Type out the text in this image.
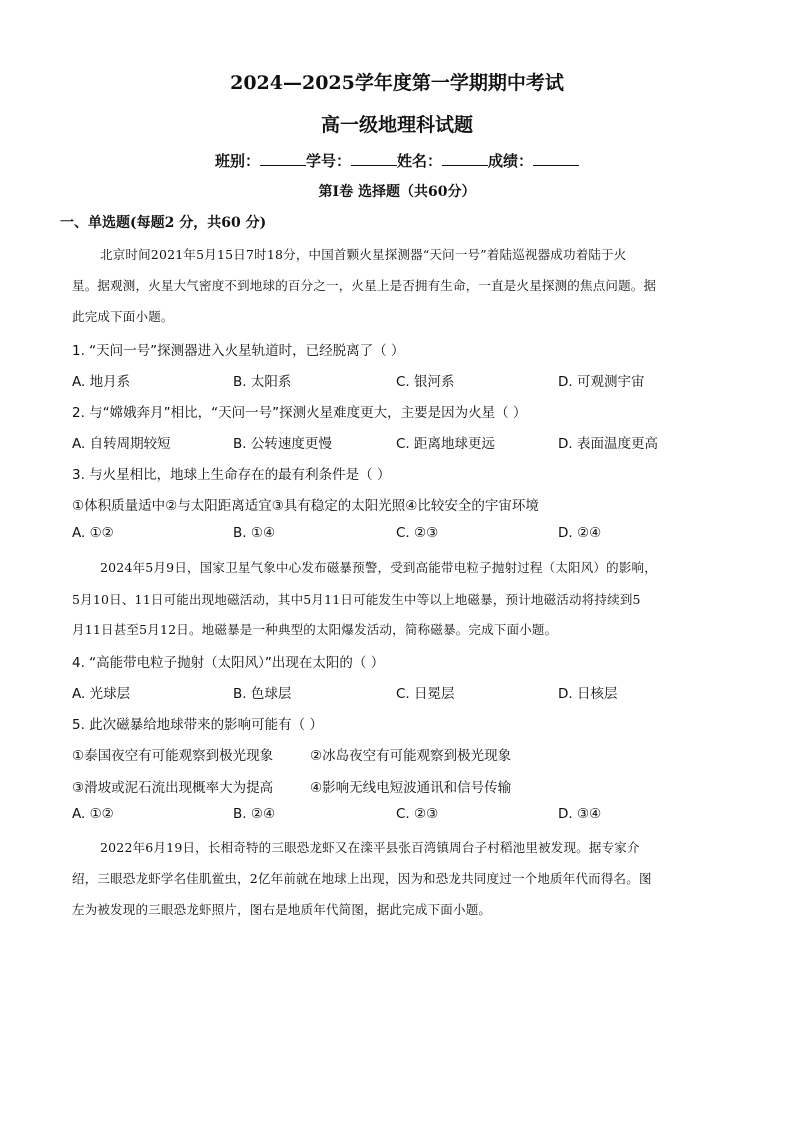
2024—2025学年度第一学期期中考试
高一级地理科试题
班别：	学号：	姓名：	成绩：
第I卷 选择题（共60分）
一、单选题(每题2 分，共60 分)
北京时间2021年5月15日7时18分，中国首颗火星探测器“天问一号”着陆巡视器成功着陆于火
星。据观测，火星大气密度不到地球的百分之一，火星上是否拥有生命，一直是火星探测的焦点问题。据
此完成下面小题。
1. “天问一号”探测器进入火星轨道时，已经脱离了（ ）
A. 地月系	B. 太阳系	C. 银河系	D. 可观测宇宙
2. 与“嫦娥奔月”相比，“天问一号”探测火星难度更大，主要是因为火星（ ）
A. 自转周期较短	B. 公转速度更慢	C. 距离地球更远	D. 表面温度更高
3. 与火星相比，地球上生命存在的最有利条件是（ ）
①体积质量适中②与太阳距离适宜③具有稳定的太阳光照④比较安全的宇宙环境
A. ①②	B. ①④	C. ②③	D. ②④
2024年5月9日，国家卫星气象中心发布磁暴预警，受到高能带电粒子抛射过程（太阳风）的影响，
5月10日、11日可能出现地磁活动，其中5月11日可能发生中等以上地磁暴，预计地磁活动将持续到5
月11日甚至5月12日。地磁暴是一种典型的太阳爆发活动，简称磁暴。完成下面小题。
4. “高能带电粒子抛射（太阳风）”出现在太阳的（ ）
A. 光球层	B. 色球层	C. 日冕层	D. 日核层
5. 此次磁暴给地球带来的影响可能有（ ）
①泰国夜空有可能观察到极光现象	②冰岛夜空有可能观察到极光现象
③滑坡或泥石流出现概率大为提高	④影响无线电短波通讯和信号传输
A. ①②	B. ②④	C. ②③	D. ③④
2022年6月19日，长相奇特的三眼恐龙虾又在滦平县张百湾镇周台子村稻池里被发现。据专家介
绍，三眼恐龙虾学名佳肌鲎虫，2亿年前就在地球上出现，因为和恐龙共同度过一个地质年代而得名。图
左为被发现的三眼恐龙虾照片，图右是地质年代简图，据此完成下面小题。
